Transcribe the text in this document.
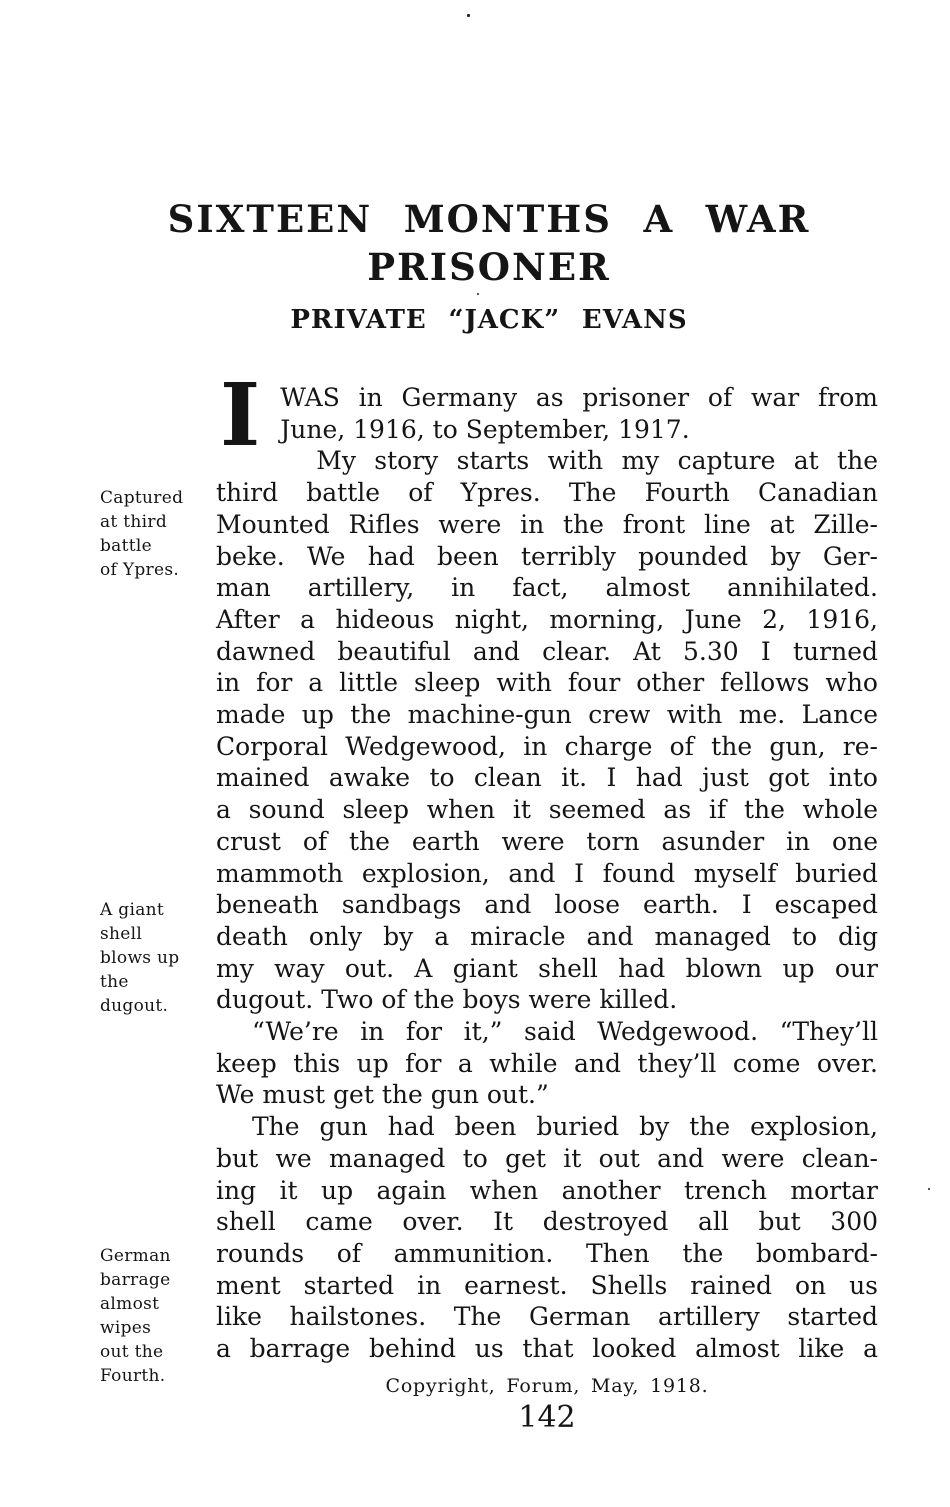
SIXTEEN MONTHS A WAR
PRISONER
PRIVATE “JACK” EVANS
I WAS in Germany as prisoner of war from
June, 1916, to September, 1917.
My story starts with my capture at the
third battle of Ypres. The Fourth Canadian
Mounted Rifles were in the front line at Zille-
beke. We had been terribly pounded by Ger-
man artillery, in fact, almost annihilated.
After a hideous night, morning, June 2, 1916,
dawned beautiful and clear. At 5.30 I turned
in for a little sleep with four other fellows who
made up the machine-gun crew with me. Lance
Corporal Wedgewood, in charge of the gun, re-
mained awake to clean it. I had just got into
a sound sleep when it seemed as if the whole
crust of the earth were torn asunder in one
mammoth explosion, and I found myself buried
beneath sandbags and loose earth. I escaped
death only by a miracle and managed to dig
my way out. A giant shell had blown up our
dugout. Two of the boys were killed.
“We’re in for it,” said Wedgewood. “They’ll
keep this up for a while and they’ll come over.
We must get the gun out.”
The gun had been buried by the explosion,
but we managed to get it out and were clean-
ing it up again when another trench mortar
shell came over. It destroyed all but 300
rounds of ammunition. Then the bombard-
ment started in earnest. Shells rained on us
like hailstones. The German artillery started
a barrage behind us that looked almost like a
Copyright, Forum, May, 1918.
142
Captured
at third
battle
of Ypres.
A giant
shell
blows up
the
dugout.
German
barrage
almost
wipes
out the
Fourth.
